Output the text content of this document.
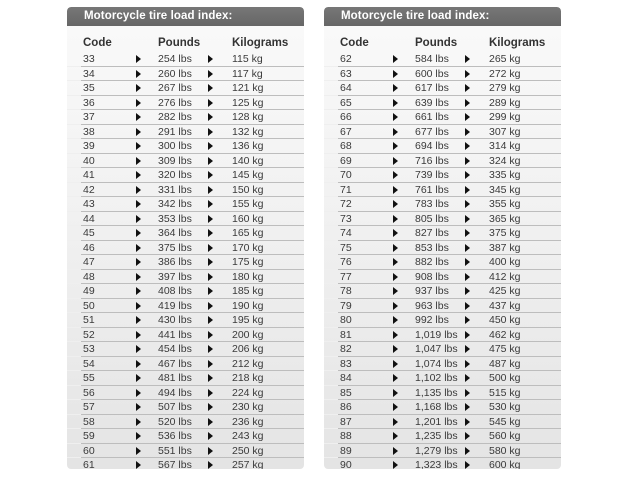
Motorcycle tire load index:
Code	Pounds	Kilograms
33	254 lbs	115 kg
34	260 lbs	117 kg
35	267 lbs	121 kg
36	276 lbs	125 kg
37	282 lbs	128 kg
38	291 lbs	132 kg
39	300 lbs	136 kg
40	309 lbs	140 kg
41	320 lbs	145 kg
42	331 lbs	150 kg
43	342 lbs	155 kg
44	353 lbs	160 kg
45	364 lbs	165 kg
46	375 lbs	170 kg
47	386 lbs	175 kg
48	397 lbs	180 kg
49	408 lbs	185 kg
50	419 lbs	190 kg
51	430 lbs	195 kg
52	441 lbs	200 kg
53	454 lbs	206 kg
54	467 lbs	212 kg
55	481 lbs	218 kg
56	494 lbs	224 kg
57	507 lbs	230 kg
58	520 lbs	236 kg
59	536 lbs	243 kg
60	551 lbs	250 kg
61	567 lbs	257 kg
Motorcycle tire load index:
Code	Pounds	Kilograms
62	584 lbs	265 kg
63	600 lbs	272 kg
64	617 lbs	279 kg
65	639 lbs	289 kg
66	661 lbs	299 kg
67	677 lbs	307 kg
68	694 lbs	314 kg
69	716 lbs	324 kg
70	739 lbs	335 kg
71	761 lbs	345 kg
72	783 lbs	355 kg
73	805 lbs	365 kg
74	827 lbs	375 kg
75	853 lbs	387 kg
76	882 lbs	400 kg
77	908 lbs	412 kg
78	937 lbs	425 kg
79	963 lbs	437 kg
80	992 lbs	450 kg
81	1,019 lbs	462 kg
82	1,047 lbs	475 kg
83	1,074 lbs	487 kg
84	1,102 lbs	500 kg
85	1,135 lbs	515 kg
86	1,168 lbs	530 kg
87	1,201 lbs	545 kg
88	1,235 lbs	560 kg
89	1,279 lbs	580 kg
90	1,323 lbs	600 kg
